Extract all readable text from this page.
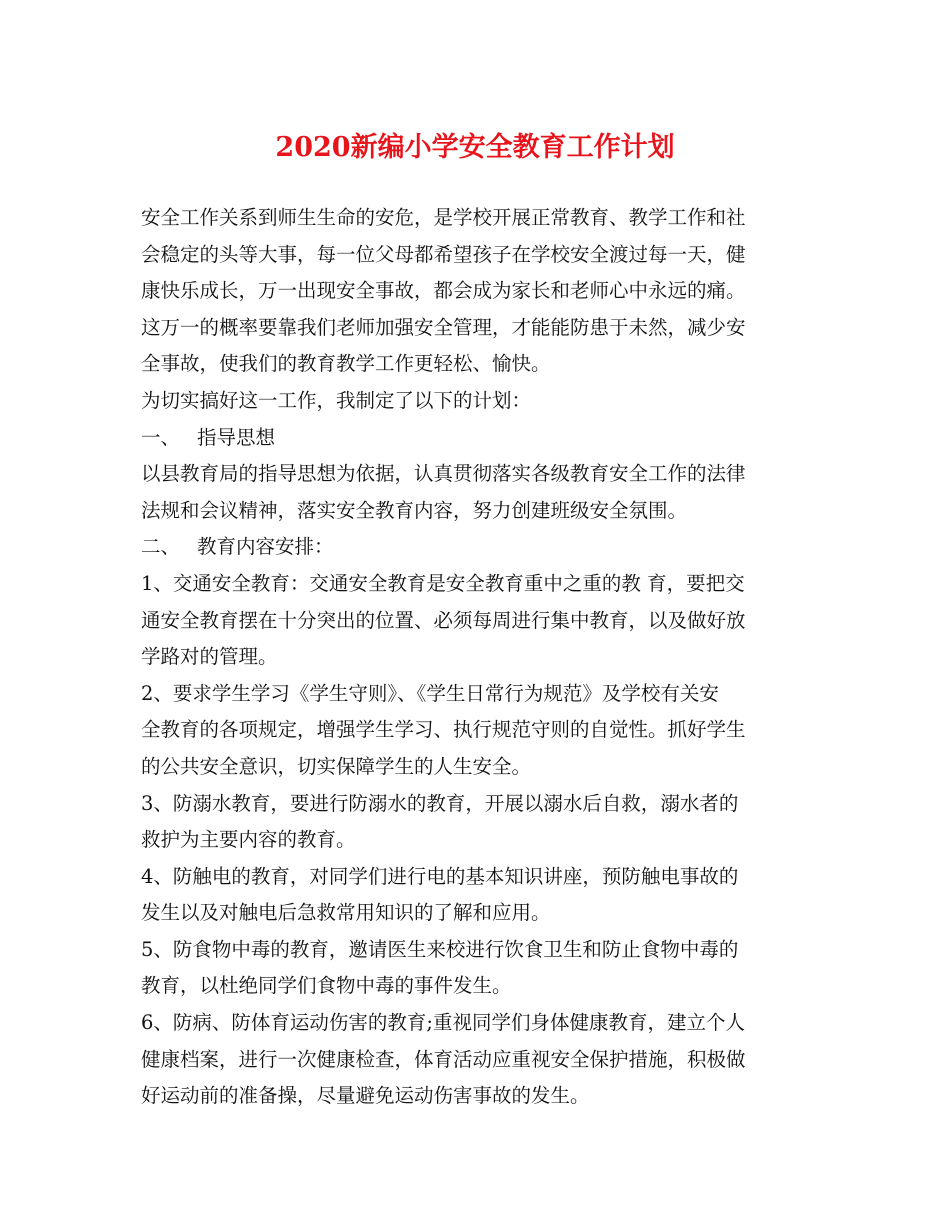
2020新编小学安全教育工作计划
安全工作关系到师生生命的安危，是学校开展正常教育、教学工作和社
会稳定的头等大事，每一位父母都希望孩子在学校安全渡过每一天，健
康快乐成长，万一出现安全事故，都会成为家长和老师心中永远的痛。
这万一的概率要靠我们老师加强安全管理，才能能防患于未然，减少安
全事故，使我们的教育教学工作更轻松、愉快。
为切实搞好这一工作，我制定了以下的计划：
一、 指导思想
以县教育局的指导思想为依据，认真贯彻落实各级教育安全工作的法律
法规和会议精神，落实安全教育内容，努力创建班级安全氛围。
二、 教育内容安排：
1、交通安全教育：交通安全教育是安全教育重中之重的教 育，要把交
通安全教育摆在十分突出的位置、必须每周进行集中教育，以及做好放
学路对的管理。
2、要求学生学习《学生守则》、《学生日常行为规范》及学校有关安
全教育的各项规定，增强学生学习、执行规范守则的自觉性。抓好学生
的公共安全意识，切实保障学生的人生安全。
3、防溺水教育，要进行防溺水的教育，开展以溺水后自救，溺水者的
救护为主要内容的教育。
4、防触电的教育，对同学们进行电的基本知识讲座，预防触电事故的
发生以及对触电后急救常用知识的了解和应用。
5、防食物中毒的教育，邀请医生来校进行饮食卫生和防止食物中毒的
教育，以杜绝同学们食物中毒的事件发生。
6、防病、防体育运动伤害的教育;重视同学们身体健康教育，建立个人
健康档案，进行一次健康检查，体育活动应重视安全保护措施，积极做
好运动前的准备操，尽量避免运动伤害事故的发生。
